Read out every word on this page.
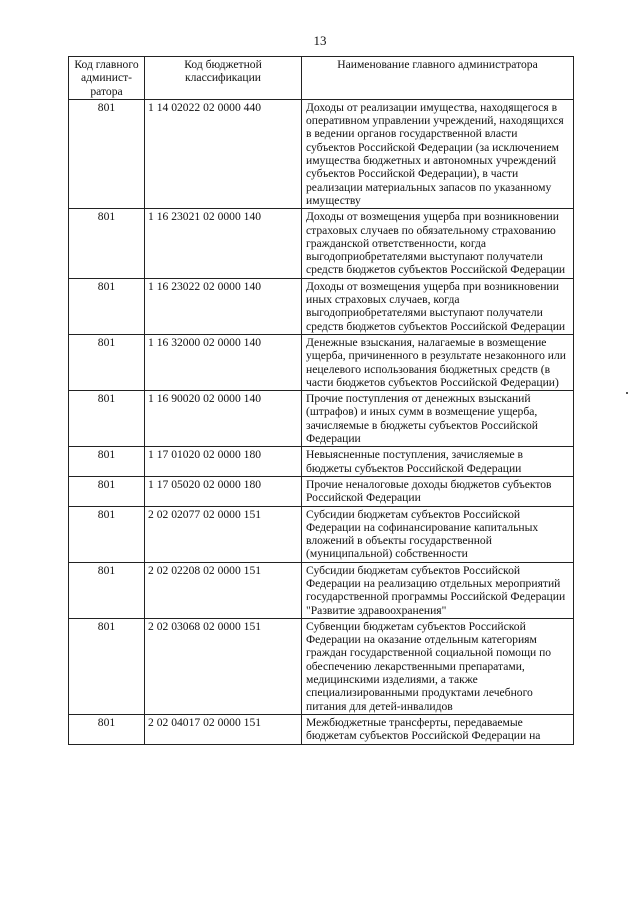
13
Код главного админист-ратора	Код бюджетной классификации	Наименование главного администратора
801	1 14 02022 02 0000 440	Доходы от реализации имущества, находящегося в оперативном управлении учреждений, находящихся в ведении органов государственной власти субъектов Российской Федерации (за исключением имущества бюджетных и автономных учреждений субъектов Российской Федерации), в части реализации материальных запасов по указанному имуществу
801	1 16 23021 02 0000 140	Доходы от возмещения ущерба при возникновении страховых случаев по обязательному страхованию гражданской ответственности, когда выгодоприобретателями выступают получатели средств бюджетов субъектов Российской Федерации
801	1 16 23022 02 0000 140	Доходы от возмещения ущерба при возникновении иных страховых случаев, когда выгодоприобретателями выступают получатели средств бюджетов субъектов Российской Федерации
801	1 16 32000 02 0000 140	Денежные взыскания, налагаемые в возмещение ущерба, причиненного в результате незаконного или нецелевого использования бюджетных средств (в части бюджетов субъектов Российской Федерации)
801	1 16 90020 02 0000 140	Прочие поступления от денежных взысканий (штрафов) и иных сумм в возмещение ущерба, зачисляемые в бюджеты субъектов Российской Федерации
801	1 17 01020 02 0000 180	Невыясненные поступления, зачисляемые в бюджеты субъектов Российской Федерации
801	1 17 05020 02 0000 180	Прочие неналоговые доходы бюджетов субъектов Российской Федерации
801	2 02 02077 02 0000 151	Субсидии бюджетам субъектов Российской Федерации на софинансирование капитальных вложений в объекты государственной (муниципальной) собственности
801	2 02 02208 02 0000 151	Субсидии бюджетам субъектов Российской Федерации на реализацию отдельных мероприятий государственной программы Российской Федерации "Развитие здравоохранения"
801	2 02 03068 02 0000 151	Субвенции бюджетам субъектов Российской Федерации на оказание отдельным категориям граждан государственной социальной помощи по обеспечению лекарственными препаратами, медицинскими изделиями, а также специализированными продуктами лечебного питания для детей-инвалидов
801	2 02 04017 02 0000 151	Межбюджетные трансферты, передаваемые бюджетам субъектов Российской Федерации на
